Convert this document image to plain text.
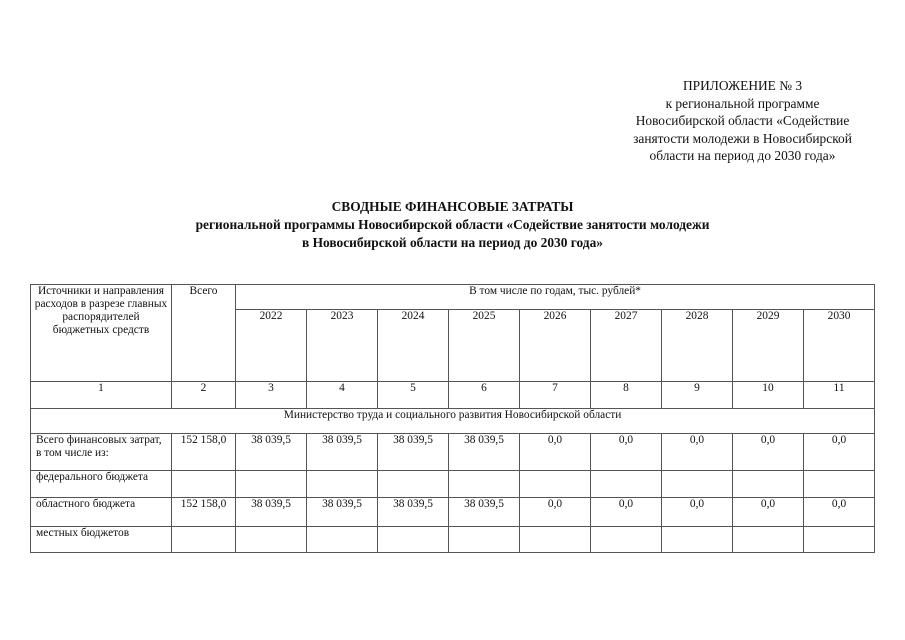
ПРИЛОЖЕНИЕ № 3
к региональной программе
Новосибирской области «Содействие
занятости молодежи в Новосибирской
области на период до 2030 года»
СВОДНЫЕ ФИНАНСОВЫЕ ЗАТРАТЫ
региональной программы Новосибирской области «Содействие занятости молодежи
в Новосибирской области на период до 2030 года»
Источники и направления расходов в разрезе главных распорядителей бюджетных средств	Всего	В том числе по годам, тыс. рублей*								
		2022	2023	2024	2025	2026	2027	2028	2029	2030
1	2	3	4	5	6	7	8	9	10	11
Министерство труда и социального развития Новосибирской области										
Всего финансовых затрат, в том числе из:	152 158,0	38 039,5	38 039,5	38 039,5	38 039,5	0,0	0,0	0,0	0,0	0,0
федерального бюджета										
областного бюджета	152 158,0	38 039,5	38 039,5	38 039,5	38 039,5	0,0	0,0	0,0	0,0	0,0
местных бюджетов										
